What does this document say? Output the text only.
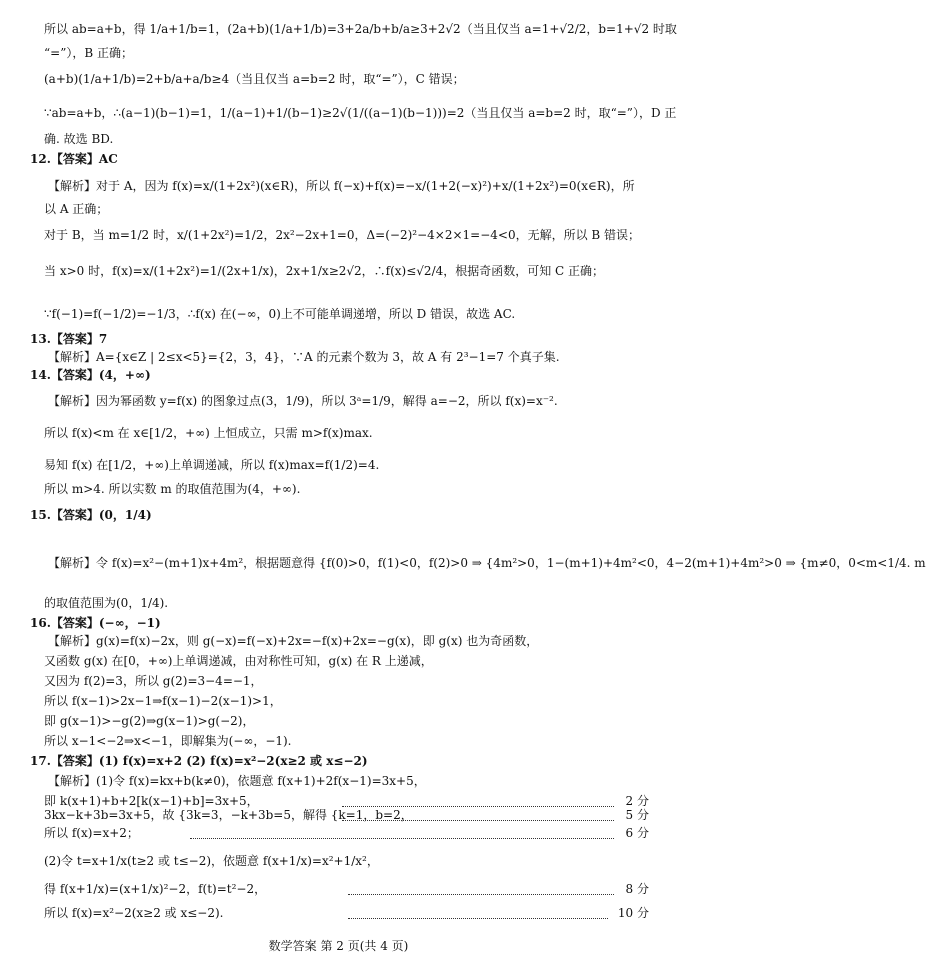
所以 ab=a+b，得 1/a+1/b=1，(2a+b)(1/a+1/b)=3+2a/b+b/a≥3+2√2（当且仅当 a=1+√2/2，b=1+√2 时取
“=”），B 正确；
(a+b)(1/a+1/b)=2+b/a+a/b≥4（当且仅当 a=b=2 时，取“=”），C 错误；
∵ab=a+b，∴(a−1)(b−1)=1，1/(a−1)+1/(b−1)≥2√(1/((a−1)(b−1)))=2（当且仅当 a=b=2 时，取“=”），D 正
确. 故选 BD.
12.【答案】AC
【解析】对于 A，因为 f(x)=x/(1+2x²)(x∈R)，所以 f(−x)+f(x)=−x/(1+2(−x)²)+x/(1+2x²)=0(x∈R)，所
以 A 正确；
对于 B，当 m=1/2 时，x/(1+2x²)=1/2，2x²−2x+1=0，Δ=(−2)²−4×2×1=−4<0，无解，所以 B 错误；
当 x>0 时，f(x)=x/(1+2x²)=1/(2x+1/x)，2x+1/x≥2√2，∴f(x)≤√2/4，根据奇函数，可知 C 正确；
∵f(−1)=f(−1/2)=−1/3，∴f(x) 在(−∞，0)上不可能单调递增，所以 D 错误，故选 AC.
13.【答案】7
【解析】A={x∈Z | 2≤x<5}={2，3，4}，∵A 的元素个数为 3，故 A 有 2³−1=7 个真子集.
14.【答案】(4，+∞)
【解析】因为幂函数 y=f(x) 的图象过点(3，1/9)，所以 3ᵃ=1/9，解得 a=−2，所以 f(x)=x⁻².
所以 f(x)<m 在 x∈[1/2，+∞) 上恒成立，只需 m>f(x)max.
易知 f(x) 在[1/2，+∞)上单调递减，所以 f(x)max=f(1/2)=4.
所以 m>4. 所以实数 m 的取值范围为(4，+∞).
15.【答案】(0，1/4)
【解析】令 f(x)=x²−(m+1)x+4m²，根据题意得 {f(0)>0，f(1)<0，f(2)>0 ⇒ {4m²>0，1−(m+1)+4m²<0，4−2(m+1)+4m²>0 ⇒ {m≠0，0<m<1/4. m
的取值范围为(0，1/4).
16.【答案】(−∞，−1)
【解析】g(x)=f(x)−2x，则 g(−x)=f(−x)+2x=−f(x)+2x=−g(x)，即 g(x) 也为奇函数，
又函数 g(x) 在[0，+∞)上单调递减，由对称性可知，g(x) 在 R 上递减，
又因为 f(2)=3，所以 g(2)=3−4=−1，
所以 f(x−1)>2x−1⇒f(x−1)−2(x−1)>1，
即 g(x−1)>−g(2)⇒g(x−1)>g(−2)，
所以 x−1<−2⇒x<−1，即解集为(−∞，−1).
17.【答案】(1) f(x)=x+2 (2) f(x)=x²−2(x≥2 或 x≤−2)
【解析】(1)令 f(x)=kx+b(k≠0)，依题意 f(x+1)+2f(x−1)=3x+5，
即 k(x+1)+b+2[k(x−1)+b]=3x+5，	2 分
3kx−k+3b=3x+5，故 {3k=3，−k+3b=5，解得 {k=1，b=2，	5 分
所以 f(x)=x+2；	6 分
(2)令 t=x+1/x(t≥2 或 t≤−2)，依题意 f(x+1/x)=x²+1/x²，
得 f(x+1/x)=(x+1/x)²−2，f(t)=t²−2，	8 分
所以 f(x)=x²−2(x≥2 或 x≤−2).	10 分
数学答案 第 2 页(共 4 页)
